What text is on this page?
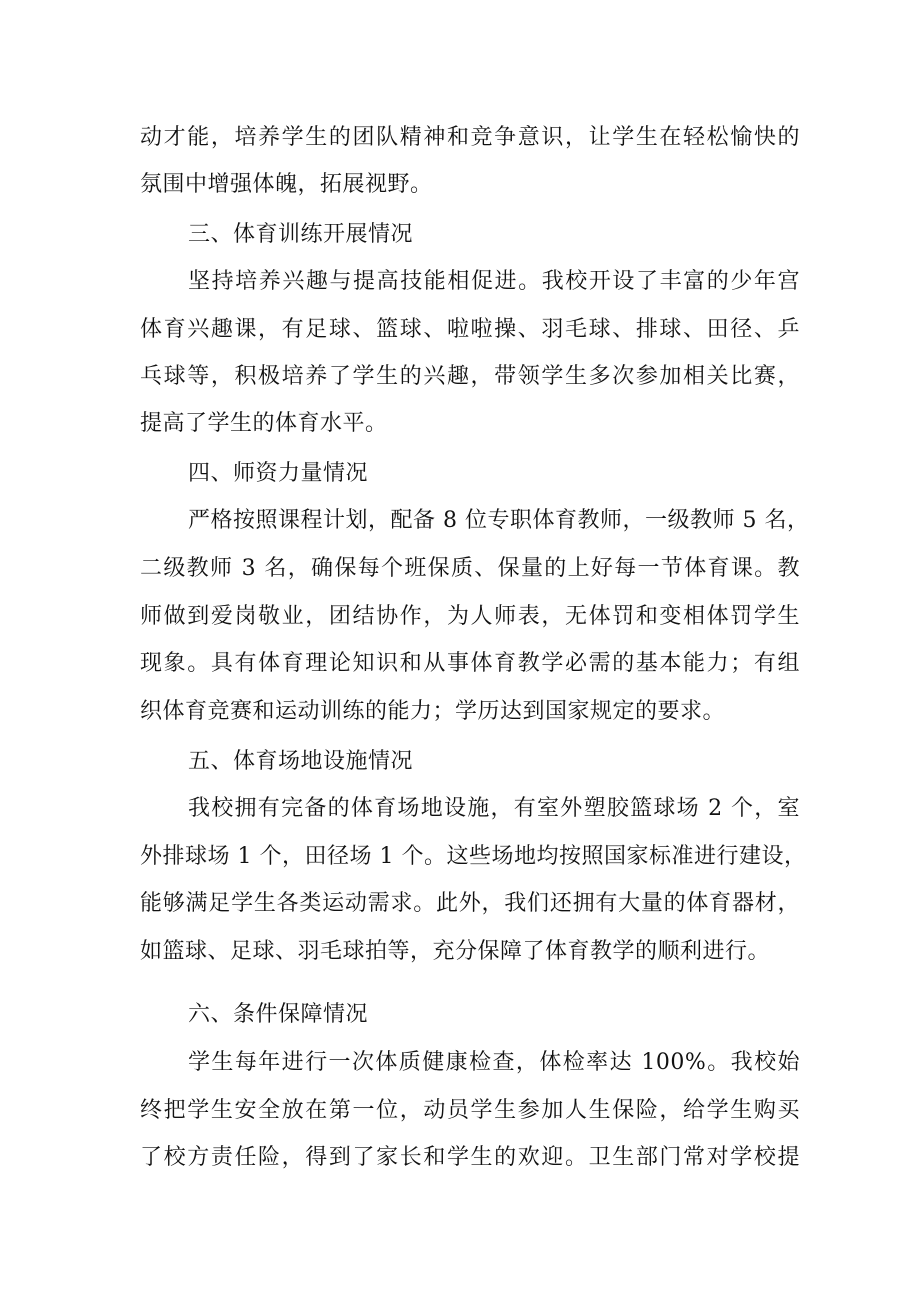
动才能，培养学生的团队精神和竞争意识，让学生在轻松愉快的
氛围中增强体魄，拓展视野。
三、体育训练开展情况
坚持培养兴趣与提高技能相促进。我校开设了丰富的少年宫
体育兴趣课，有足球、篮球、啦啦操、羽毛球、排球、田径、乒
乓球等，积极培养了学生的兴趣，带领学生多次参加相关比赛，
提高了学生的体育水平。
四、师资力量情况
严格按照课程计划，配备 8 位专职体育教师，一级教师 5 名，
二级教师 3 名，确保每个班保质、保量的上好每一节体育课。教
师做到爱岗敬业，团结协作，为人师表，无体罚和变相体罚学生
现象。具有体育理论知识和从事体育教学必需的基本能力；有组
织体育竞赛和运动训练的能力；学历达到国家规定的要求。
五、体育场地设施情况
我校拥有完备的体育场地设施，有室外塑胶篮球场 2 个，室
外排球场 1 个，田径场 1 个。这些场地均按照国家标准进行建设，
能够满足学生各类运动需求。此外，我们还拥有大量的体育器材，
如篮球、足球、羽毛球拍等，充分保障了体育教学的顺利进行。
六、条件保障情况
学生每年进行一次体质健康检查，体检率达 100%。我校始
终把学生安全放在第一位，动员学生参加人生保险，给学生购买
了校方责任险，得到了家长和学生的欢迎。卫生部门常对学校提
